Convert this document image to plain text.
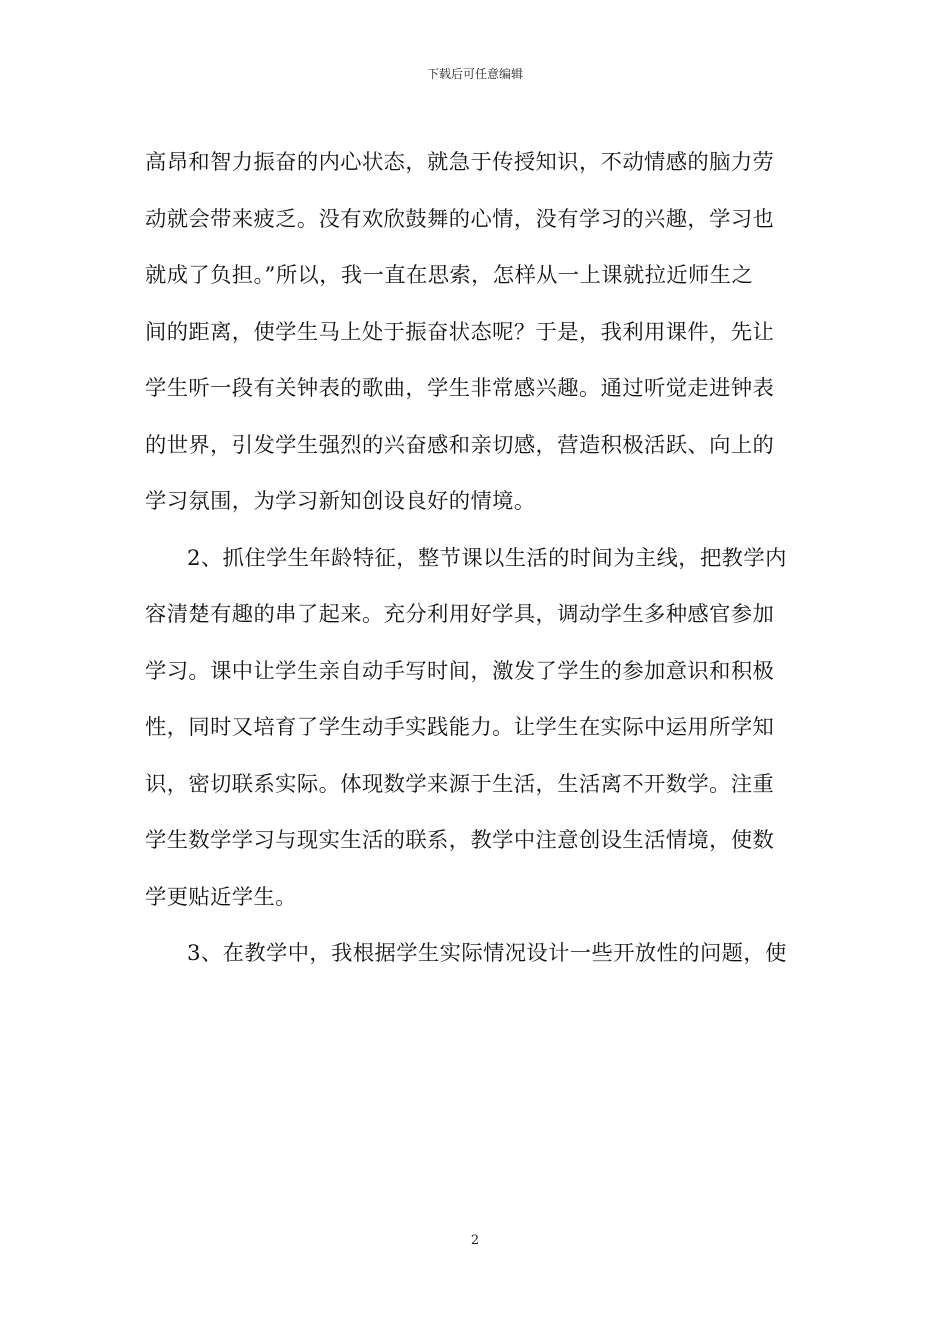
下载后可任意编辑

高昂和智力振奋的内心状态，就急于传授知识，不动情感的脑力劳
动就会带来疲乏。没有欢欣鼓舞的心情，没有学习的兴趣，学习也
就成了负担。”所以，我一直在思索，怎样从一上课就拉近师生之
间的距离，使学生马上处于振奋状态呢？于是，我利用课件，先让
学生听一段有关钟表的歌曲，学生非常感兴趣。通过听觉走进钟表
的世界，引发学生强烈的兴奋感和亲切感，营造积极活跃、向上的
学习氛围，为学习新知创设良好的情境。

2、抓住学生年龄特征，整节课以生活的时间为主线，把教学内
容清楚有趣的串了起来。充分利用好学具，调动学生多种感官参加
学习。课中让学生亲自动手写时间，激发了学生的参加意识和积极
性，同时又培育了学生动手实践能力。让学生在实际中运用所学知
识，密切联系实际。体现数学来源于生活，生活离不开数学。注重
学生数学学习与现实生活的联系，教学中注意创设生活情境，使数
学更贴近学生。

3、在教学中，我根据学生实际情况设计一些开放性的问题，使

2
